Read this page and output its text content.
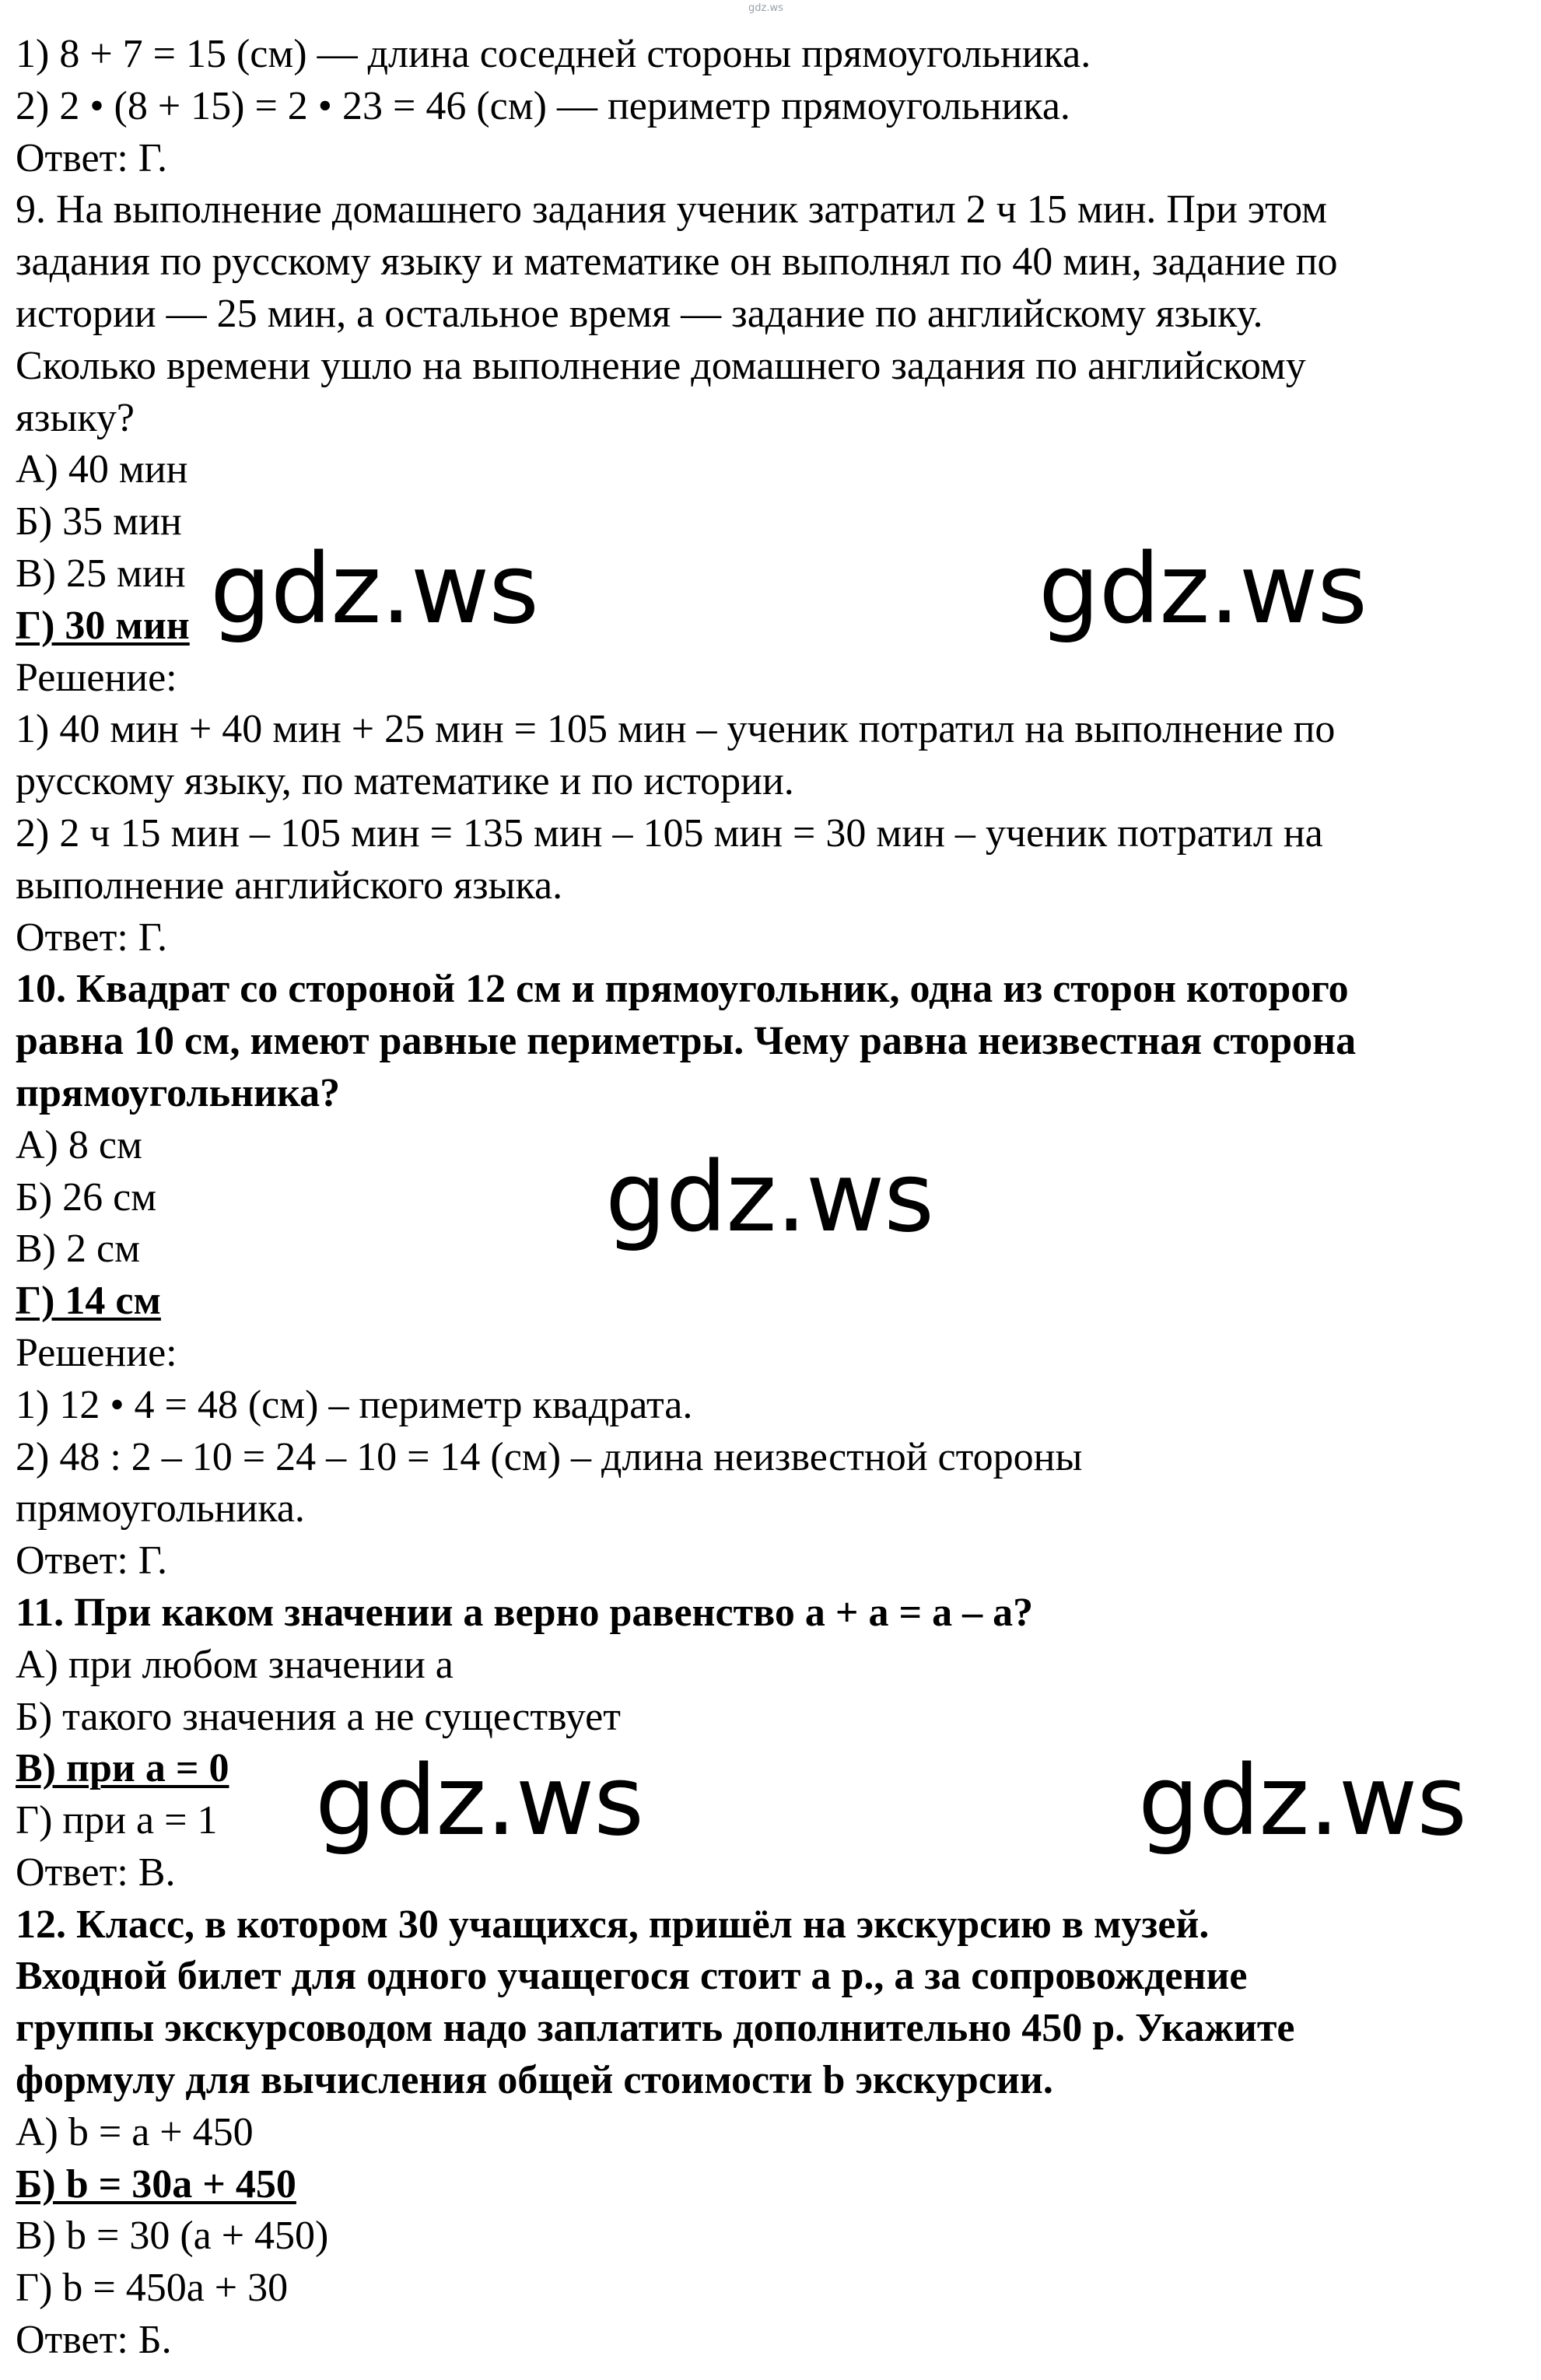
gdz.ws
1) 8 + 7 = 15 (см) — длина соседней стороны прямоугольника.
2) 2 • (8 + 15) = 2 • 23 = 46 (см) — периметр прямоугольника.
Ответ: Г.
9. На выполнение домашнего задания ученик затратил 2 ч 15 мин. При этом
задания по русскому языку и математике он выполнял по 40 мин, задание по
истории — 25 мин, а остальное время — задание по английскому языку.
Сколько времени ушло на выполнение домашнего задания по английскому
языку?
А) 40 мин
Б) 35 мин
В) 25 мин
Г) 30 мин
Решение:
1) 40 мин + 40 мин + 25 мин = 105 мин – ученик потратил на выполнение по
русскому языку, по математике и по истории.
2) 2 ч 15 мин – 105 мин = 135 мин – 105 мин = 30 мин – ученик потратил на
выполнение английского языка.
Ответ: Г.
10. Квадрат со стороной 12 см и прямоугольник, одна из сторон которого
равна 10 см, имеют равные периметры. Чему равна неизвестная сторона
прямоугольника?
А) 8 см
Б) 26 см
В) 2 см
Г) 14 см
Решение:
1) 12 • 4 = 48 (см) – периметр квадрата.
2) 48 : 2 – 10 = 24 – 10 = 14 (см) – длина неизвестной стороны
прямоугольника.
Ответ: Г.
11. При каком значении a верно равенство a + a = a – a?
А) при любом значении a
Б) такого значения a не существует
В) при a = 0
Г) при a = 1
Ответ: В.
12. Класс, в котором 30 учащихся, пришёл на экскурсию в музей.
Входной билет для одного учащегося стоит a р., а за сопровождение
группы экскурсоводом надо заплатить дополнительно 450 р. Укажите
формулу для вычисления общей стоимости b экскурсии.
А) b = a + 450
Б) b = 30a + 450
В) b = 30 (a + 450)
Г) b = 450a + 30
Ответ: Б.
gdz.ws	gdz.ws
gdz.ws
gdz.ws	gdz.ws
